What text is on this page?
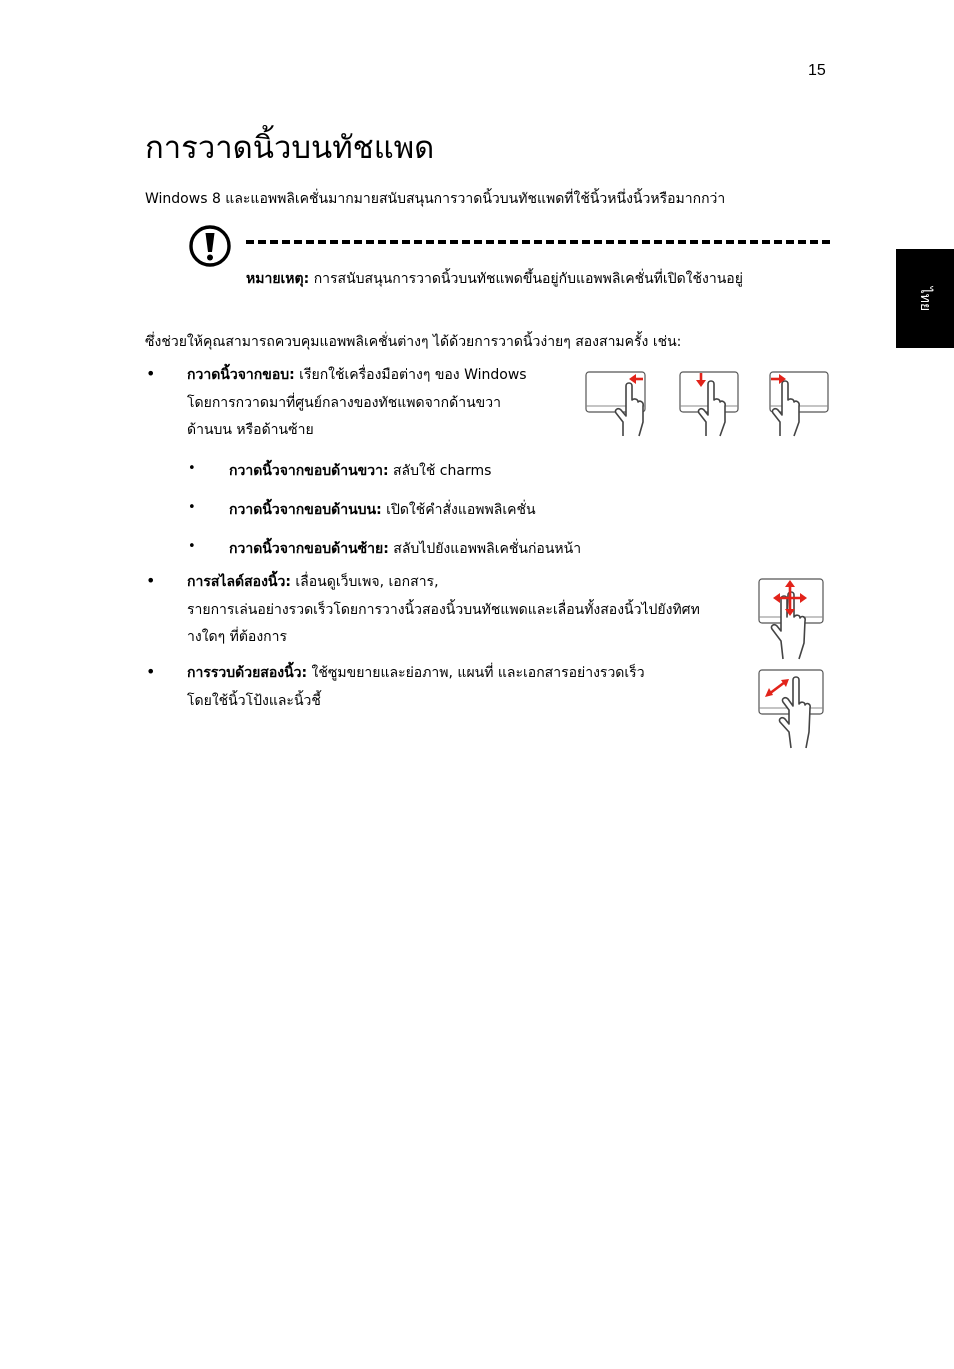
15
การวาดนิ้วบนทัชแพด
Windows 8 และแอพพลิเคชั่นมากมายสนับสนุนการวาดนิ้วบนทัชแพดที่ใช้นิ้วหนึ่งนิ้วหรือมากกว่า
ไทย
หมายเหตุ: การสนับสนุนการวาดนิ้วบนทัชแพดขึ้นอยู่กับแอพพลิเคชั่นที่เปิดใช้งานอยู่
ซึ่งช่วยให้คุณสามารถควบคุมแอพพลิเคชั่นต่างๆ ได้ด้วยการวาดนิ้วง่ายๆ สองสามครั้ง เช่น:
• กวาดนิ้วจากขอบ: เรียกใช้เครื่องมือต่างๆ ของ Windows
โดยการกวาดมาที่ศูนย์กลางของทัชแพดจากด้านขวา
ด้านบน หรือด้านซ้าย
• กวาดนิ้วจากขอบด้านขวา: สลับใช้ charms
• กวาดนิ้วจากขอบด้านบน: เปิดใช้คำสั่งแอพพลิเคชั่น
• กวาดนิ้วจากขอบด้านซ้าย: สลับไปยังแอพพลิเคชั่นก่อนหน้า
• การสไลด์สองนิ้ว: เลื่อนดูเว็บเพจ, เอกสาร,
รายการเล่นอย่างรวดเร็วโดยการวางนิ้วสองนิ้วบนทัชแพดและเลื่อนทั้งสองนิ้วไปยังทิศท
างใดๆ ที่ต้องการ
• การรวบด้วยสองนิ้ว: ใช้ซูมขยายและย่อภาพ, แผนที่ และเอกสารอย่างรวดเร็ว
โดยใช้นิ้วโป้งและนิ้วชี้
